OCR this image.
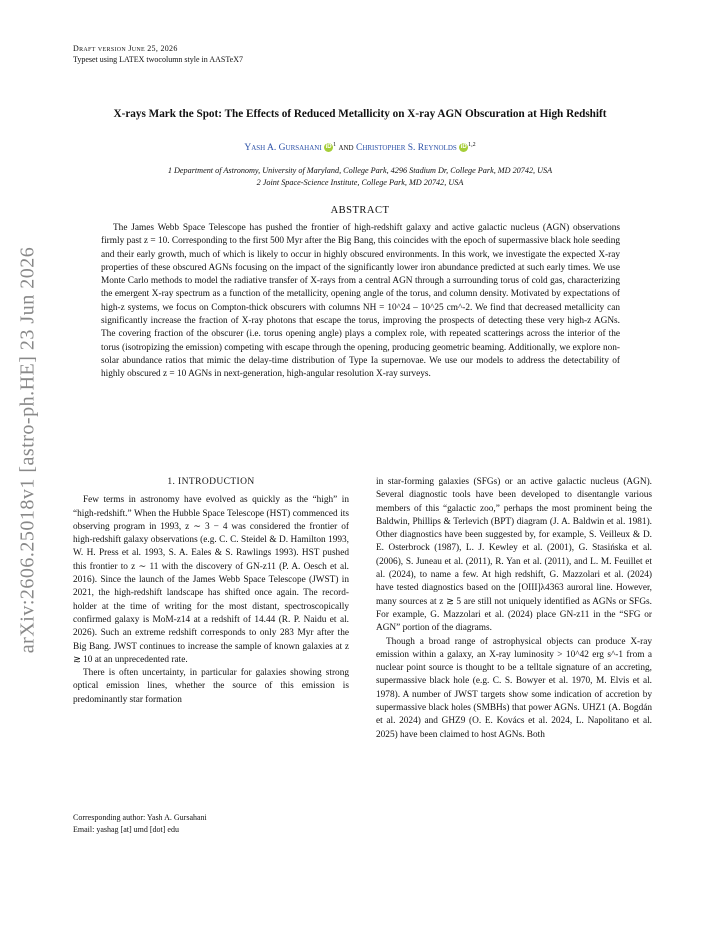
arXiv:2606.25018v1 [astro-ph.HE] 23 Jun 2026
Draft version June 25, 2026
Typeset using LATEX twocolumn style in AASTeX7
X-rays Mark the Spot: The Effects of Reduced Metallicity on X-ray AGN Obscuration at High Redshift
Yash A. Gursahani iD $^1$ and Christopher S. Reynolds iD $^{1,2}$
1 Department of Astronomy, University of Maryland, College Park, 4296 Stadium Dr, College Park, MD 20742, USA
2 Joint Space-Science Institute, College Park, MD 20742, USA
ABSTRACT
The James Webb Space Telescope has pushed the frontier of high-redshift galaxy and active galactic nucleus (AGN) observations firmly past z = 10. Corresponding to the first 500 Myr after the Big Bang, this coincides with the epoch of supermassive black hole seeding and their early growth, much of which is likely to occur in highly obscured environments. In this work, we investigate the expected X-ray properties of these obscured AGNs focusing on the impact of the significantly lower iron abundance predicted at such early times. We use Monte Carlo methods to model the radiative transfer of X-rays from a central AGN through a surrounding torus of cold gas, characterizing the emergent X-ray spectrum as a function of the metallicity, opening angle of the torus, and column density. Motivated by expectations of high-z systems, we focus on Compton-thick obscurers with columns NH = 10^24 – 10^25 cm^-2. We find that decreased metallicity can significantly increase the fraction of X-ray photons that escape the torus, improving the prospects of detecting these very high-z AGNs. The covering fraction of the obscurer (i.e. torus opening angle) plays a complex role, with repeated scatterings across the interior of the torus (isotropizing the emission) competing with escape through the opening, producing geometric beaming. Additionally, we explore non-solar abundance ratios that mimic the delay-time distribution of Type Ia supernovae. We use our models to address the detectability of highly obscured z = 10 AGNs in next-generation, high-angular resolution X-ray surveys.
1. INTRODUCTION

Few terms in astronomy have evolved as quickly as the “high” in “high-redshift.” When the Hubble Space Telescope (HST) commenced its observing program in 1993, z ∼ 3 − 4 was considered the frontier of high-redshift galaxy observations (e.g. C. C. Steidel & D. Hamilton 1993, W. H. Press et al. 1993, S. A. Eales & S. Rawlings 1993). HST pushed this frontier to z ∼ 11 with the discovery of GN-z11 (P. A. Oesch et al. 2016). Since the launch of the James Webb Space Telescope (JWST) in 2021, the high-redshift landscape has shifted once again. The record-holder at the time of writing for the most distant, spectroscopically confirmed galaxy is MoM-z14 at a redshift of 14.44 (R. P. Naidu et al. 2026). Such an extreme redshift corresponds to only 283 Myr after the Big Bang. JWST continues to increase the sample of known galaxies at z ≳ 10 at an unprecedented rate.

There is often uncertainty, in particular for galaxies showing strong optical emission lines, whether the source of this emission is predominantly star formation

in star-forming galaxies (SFGs) or an active galactic nucleus (AGN). Several diagnostic tools have been developed to disentangle various members of this “galactic zoo,” perhaps the most prominent being the Baldwin, Phillips & Terlevich (BPT) diagram (J. A. Baldwin et al. 1981). Other diagnostics have been suggested by, for example, S. Veilleux & D. E. Osterbrock (1987), L. J. Kewley et al. (2001), G. Stasińska et al. (2006), S. Juneau et al. (2011), R. Yan et al. (2011), and L. M. Feuillet et al. (2024), to name a few. At high redshift, G. Mazzolari et al. (2024) have tested diagnostics based on the [OIII]λ4363 auroral line. However, many sources at z ≳ 5 are still not uniquely identified as AGNs or SFGs. For example, G. Mazzolari et al. (2024) place GN-z11 in the “SFG or AGN” portion of the diagrams.

Though a broad range of astrophysical objects can produce X-ray emission within a galaxy, an X-ray luminosity > 10^42 erg s^-1 from a nuclear point source is thought to be a telltale signature of an accreting, supermassive black hole (e.g. C. S. Bowyer et al. 1970, M. Elvis et al. 1978). A number of JWST targets show some indication of accretion by supermassive black holes (SMBHs) that power AGNs. UHZ1 (A. Bogdán et al. 2024) and GHZ9 (O. E. Kovács et al. 2024, L. Napolitano et al. 2025) have been claimed to host AGNs. Both

Corresponding author: Yash A. Gursahani
Email: yashag [at] umd [dot] edu
